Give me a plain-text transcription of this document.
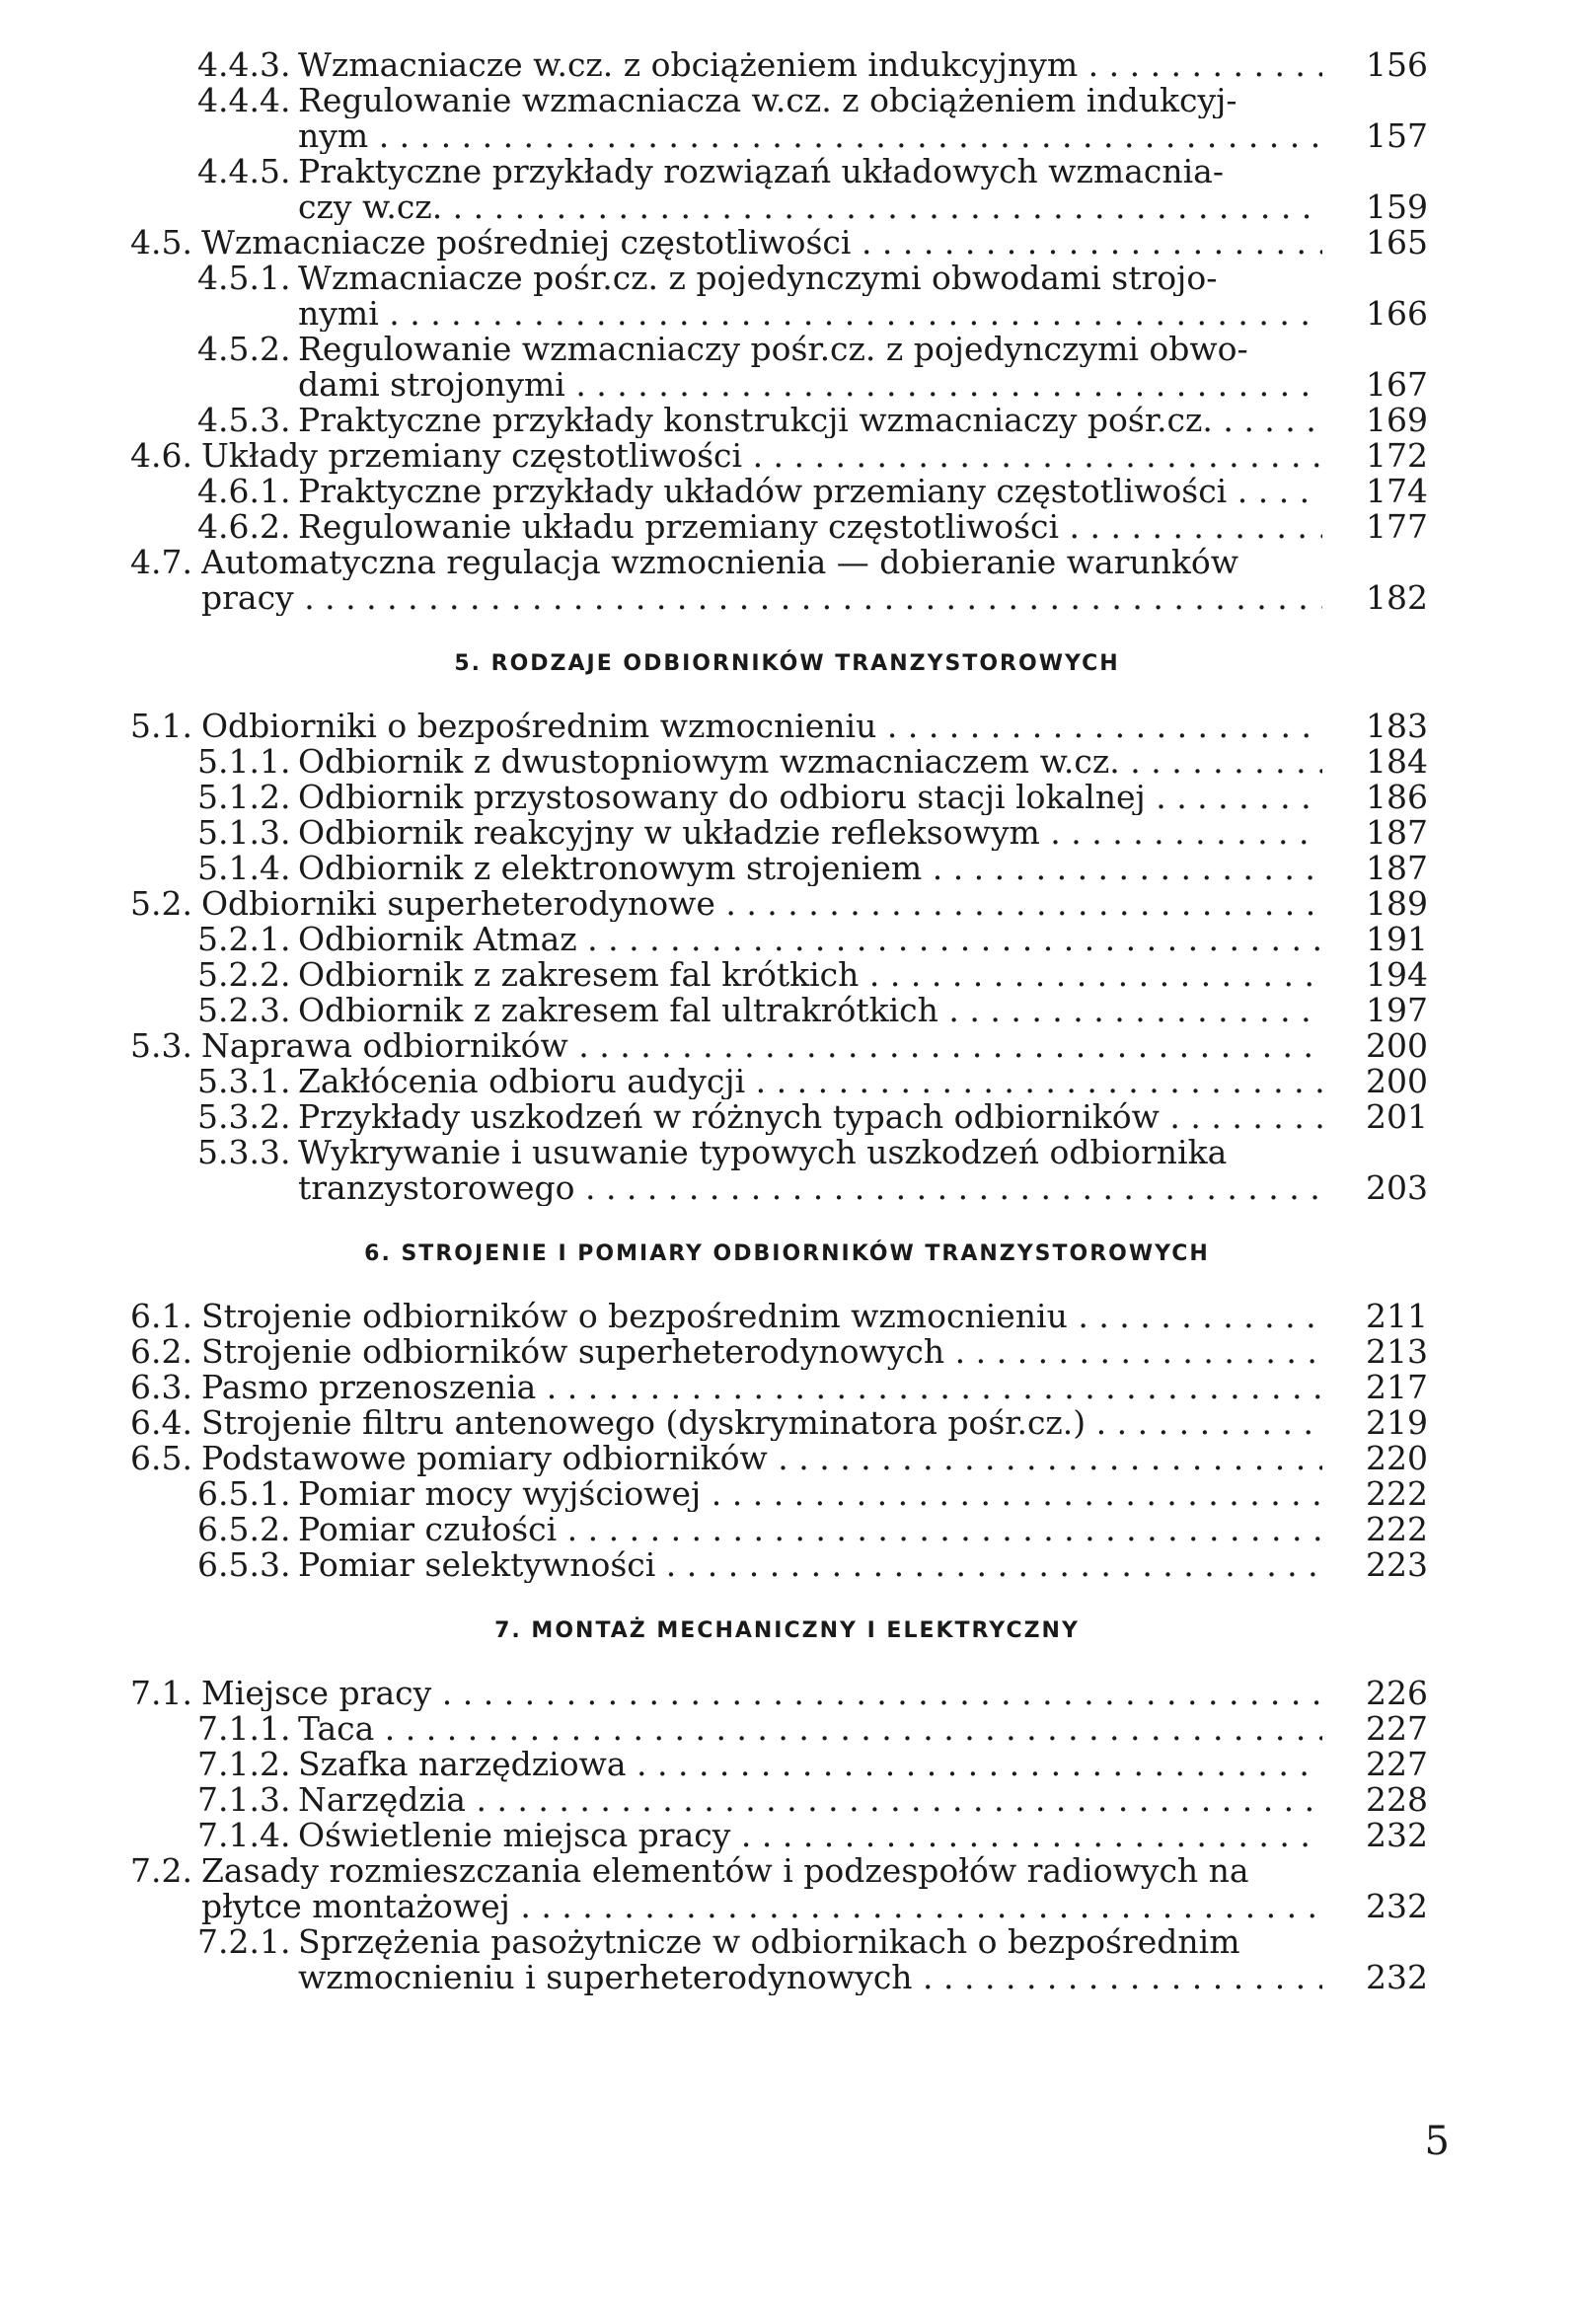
4.4.3. Wzmacniacze w.cz. z obciążeniem indukcyjnym . . .	156
4.4.4. Regulowanie wzmacniacza w.cz. z obciążeniem indukcyj-
nym . . .	157
4.4.5. Praktyczne przykłady rozwiązań układowych wzmacnia-
czy w.cz. . . .	159
4.5. Wzmacniacze pośredniej częstotliwości . . .	165
4.5.1. Wzmacniacze pośr.cz. z pojedynczymi obwodami strojo-
nymi . . .	166
4.5.2. Regulowanie wzmacniaczy pośr.cz. z pojedynczymi obwo-
dami strojonymi . . .	167
4.5.3. Praktyczne przykłady konstrukcji wzmacniaczy pośr.cz. . . .	169
4.6. Układy przemiany częstotliwości . . .	172
4.6.1. Praktyczne przykłady układów przemiany częstotliwości . . .	174
4.6.2. Regulowanie układu przemiany częstotliwości . . .	177
4.7. Automatyczna regulacja wzmocnienia — dobieranie warunków
pracy . . .	182
5. RODZAJE ODBIORNIKÓW TRANZYSTOROWYCH
5.1. Odbiorniki o bezpośrednim wzmocnieniu . . .	183
5.1.1. Odbiornik z dwustopniowym wzmacniaczem w.cz. . . .	184
5.1.2. Odbiornik przystosowany do odbioru stacji lokalnej . . .	186
5.1.3. Odbiornik reakcyjny w układzie refleksowym . . .	187
5.1.4. Odbiornik z elektronowym strojeniem . . .	187
5.2. Odbiorniki superheterodynowe . . .	189
5.2.1. Odbiornik Atmaz . . .	191
5.2.2. Odbiornik z zakresem fal krótkich . . .	194
5.2.3. Odbiornik z zakresem fal ultrakrótkich . . .	197
5.3. Naprawa odbiorników . . .	200
5.3.1. Zakłócenia odbioru audycji . . .	200
5.3.2. Przykłady uszkodzeń w różnych typach odbiorników . . .	201
5.3.3. Wykrywanie i usuwanie typowych uszkodzeń odbiornika
tranzystorowego . . .	203
6. STROJENIE I POMIARY ODBIORNIKÓW TRANZYSTOROWYCH
6.1. Strojenie odbiorników o bezpośrednim wzmocnieniu . . .	211
6.2. Strojenie odbiorników superheterodynowych . . .	213
6.3. Pasmo przenoszenia . . .	217
6.4. Strojenie filtru antenowego (dyskryminatora pośr.cz.) . . .	219
6.5. Podstawowe pomiary odbiorników . . .	220
6.5.1. Pomiar mocy wyjściowej . . .	222
6.5.2. Pomiar czułości . . .	222
6.5.3. Pomiar selektywności . . .	223
7. MONTAŻ MECHANICZNY I ELEKTRYCZNY
7.1. Miejsce pracy . . .	226
7.1.1. Taca . . .	227
7.1.2. Szafka narzędziowa . . .	227
7.1.3. Narzędzia . . .	228
7.1.4. Oświetlenie miejsca pracy . . .	232
7.2. Zasady rozmieszczania elementów i podzespołów radiowych na
płytce montażowej . . .	232
7.2.1. Sprzężenia pasożytnicze w odbiornikach o bezpośrednim
wzmocnieniu i superheterodynowych . . .	232
5
